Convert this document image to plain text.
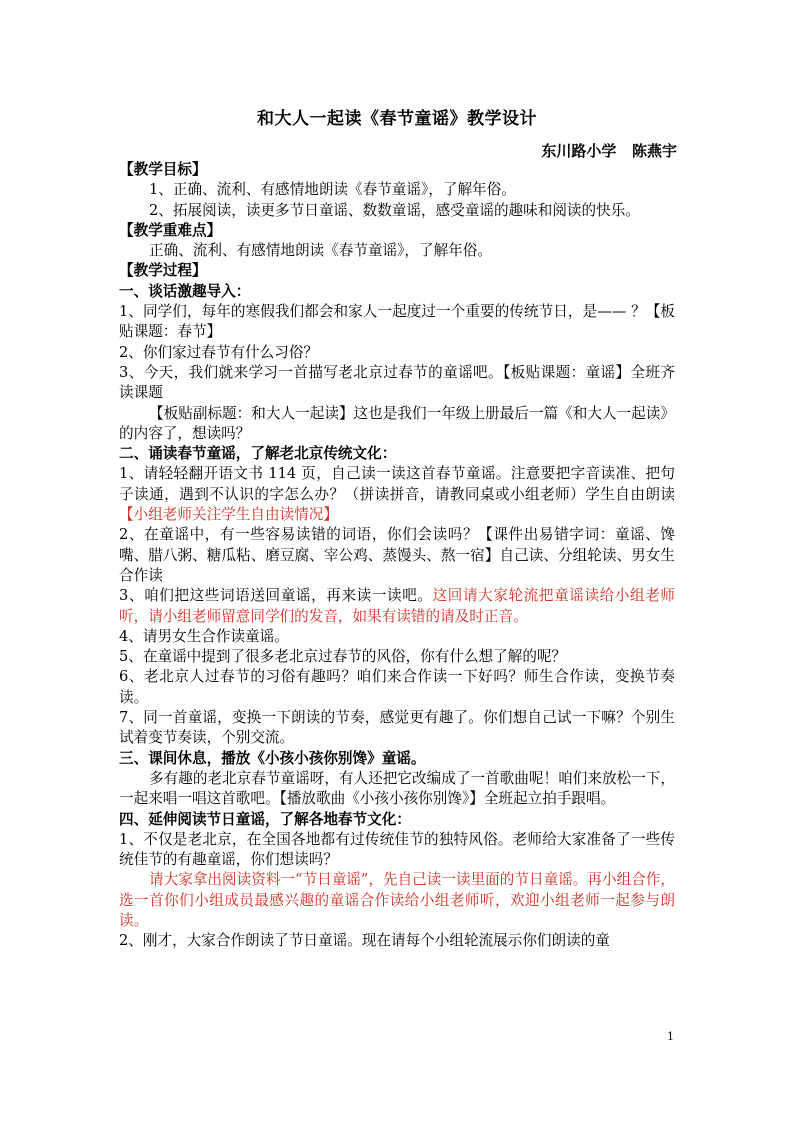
和大人一起读《春节童谣》教学设计
东川路小学   陈燕宇

【教学目标】

1、正确、流利、有感情地朗读《春节童谣》，了解年俗。

2、拓展阅读，读更多节日童谣、数数童谣，感受童谣的趣味和阅读的快乐。

【教学重难点】

正确、流利、有感情地朗读《春节童谣》，了解年俗。

【教学过程】

一、谈话激趣导入：

1、同学们，每年的寒假我们都会和家人一起度过一个重要的传统节日，是—— ？【板贴课题：春节】

2、你们家过春节有什么习俗？

3、今天，我们就来学习一首描写老北京过春节的童谣吧。【板贴课题：童谣】全班齐读课题

【板贴副标题：和大人一起读】这也是我们一年级上册最后一篇《和大人一起读》的内容了，想读吗？

二、诵读春节童谣，了解老北京传统文化：

1、请轻轻翻开语文书 114 页，自己读一读这首春节童谣。注意要把字音读准、把句子读通，遇到不认识的字怎么办？（拼读拼音，请教同桌或小组老师）学生自由朗读【小组老师关注学生自由读情况】

2、在童谣中，有一些容易读错的词语，你们会读吗？【课件出易错字词：童谣、馋嘴、腊八粥、糖瓜粘、磨豆腐、宰公鸡、蒸馒头、熬一宿】自己读、分组轮读、男女生合作读

3、咱们把这些词语送回童谣，再来读一读吧。这回请大家轮流把童谣读给小组老师听，请小组老师留意同学们的发音，如果有读错的请及时正音。

4、请男女生合作读童谣。

5、在童谣中提到了很多老北京过春节的风俗，你有什么想了解的呢？

6、老北京人过春节的习俗有趣吗？咱们来合作读一下好吗？师生合作读，变换节奏读。

7、同一首童谣，变换一下朗读的节奏，感觉更有趣了。你们想自己试一下嘛？个别生试着变节奏读，个别交流。

三、课间休息，播放《小孩小孩你别馋》童谣。

多有趣的老北京春节童谣呀，有人还把它改编成了一首歌曲呢！咱们来放松一下，一起来唱一唱这首歌吧。【播放歌曲《小孩小孩你别馋》】全班起立拍手跟唱。

四、延伸阅读节日童谣，了解各地春节文化：

1、不仅是老北京，在全国各地都有过传统佳节的独特风俗。老师给大家准备了一些传统佳节的有趣童谣，你们想读吗？

请大家拿出阅读资料一“节日童谣”，先自己读一读里面的节日童谣。再小组合作，选一首你们小组成员最感兴趣的童谣合作读给小组老师听，欢迎小组老师一起参与朗读。

2、刚才，大家合作朗读了节日童谣。现在请每个小组轮流展示你们朗读的童

1
